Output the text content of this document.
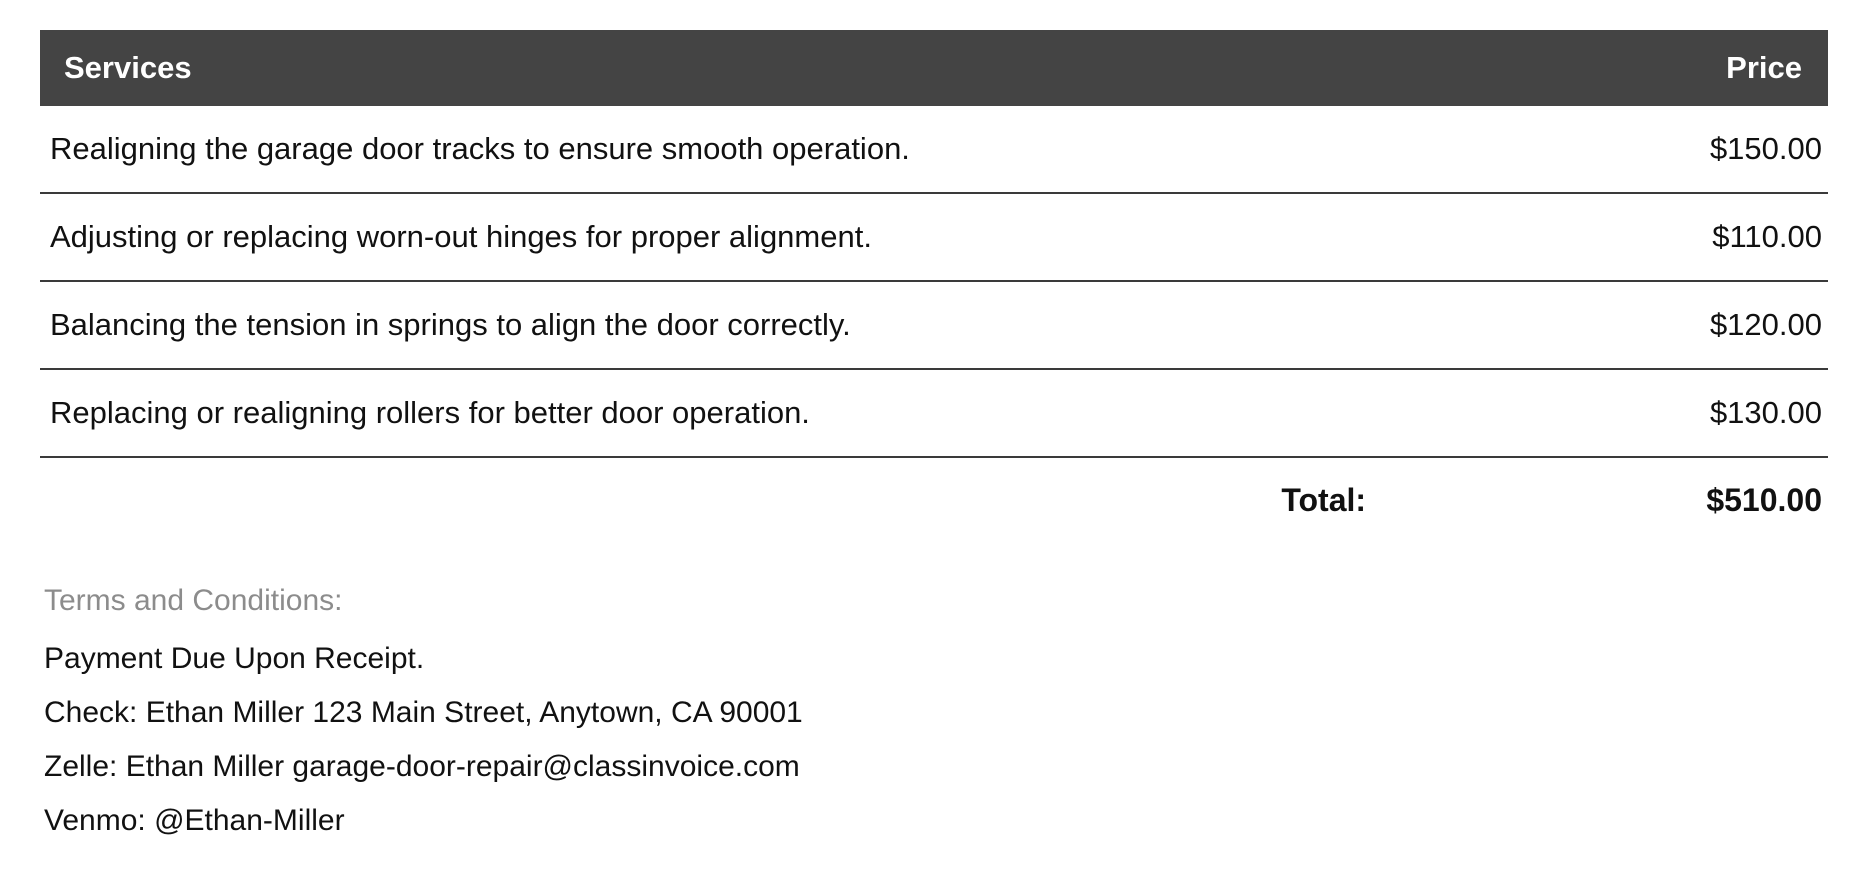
Services	Price
Realigning the garage door tracks to ensure smooth operation.	$150.00
Adjusting or replacing worn-out hinges for proper alignment.	$110.00
Balancing the tension in springs to align the door correctly.	$120.00
Replacing or realigning rollers for better door operation.	$130.00
Total:	$510.00
Terms and Conditions:
Payment Due Upon Receipt.
Check: Ethan Miller 123 Main Street, Anytown, CA 90001
Zelle: Ethan Miller garage-door-repair@classinvoice.com
Venmo: @Ethan-Miller
